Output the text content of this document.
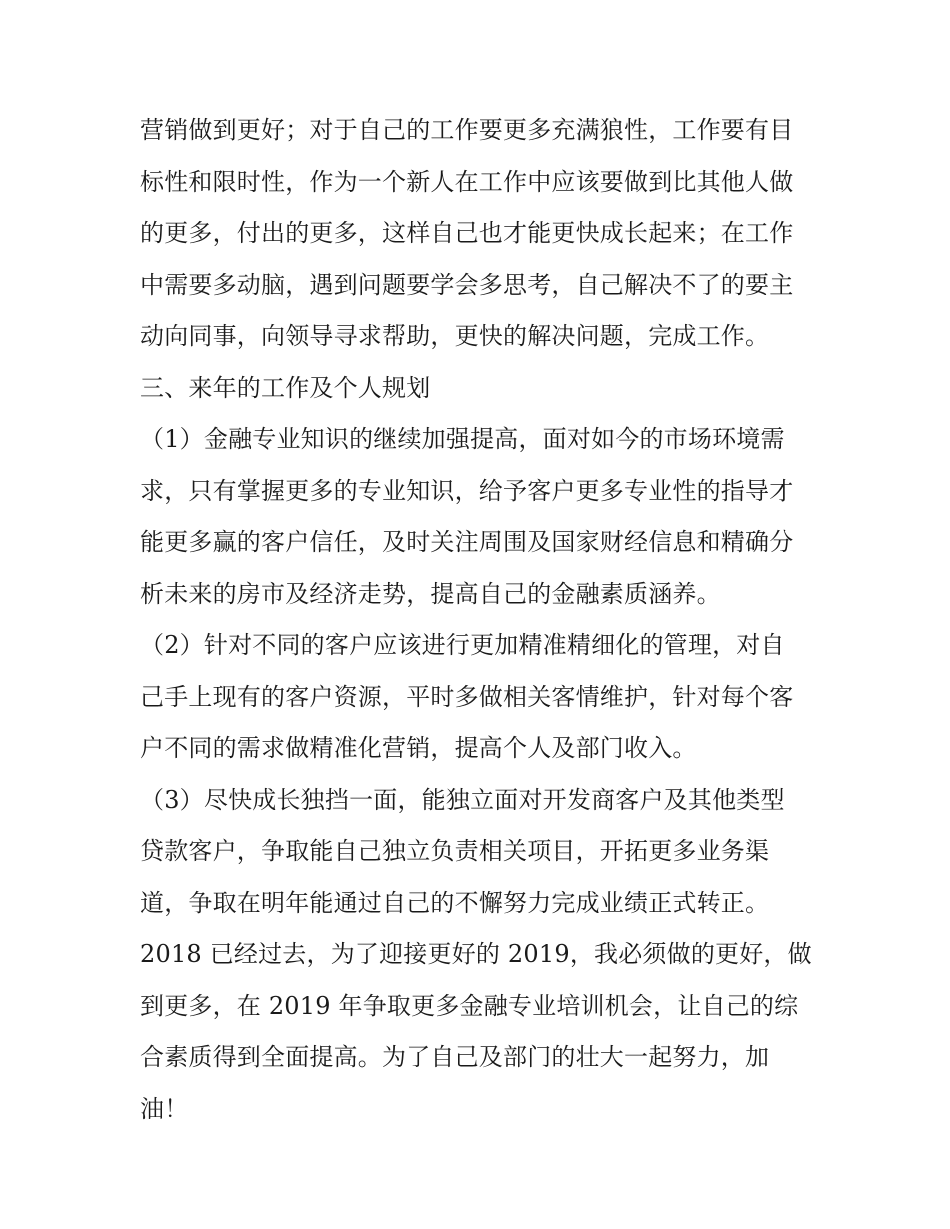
营销做到更好；对于自己的工作要更多充满狼性，工作要有目
标性和限时性，作为一个新人在工作中应该要做到比其他人做
的更多，付出的更多，这样自己也才能更快成长起来；在工作
中需要多动脑，遇到问题要学会多思考，自己解决不了的要主
动向同事，向领导寻求帮助，更快的解决问题，完成工作。
三、来年的工作及个人规划
（1）金融专业知识的继续加强提高，面对如今的市场环境需
求，只有掌握更多的专业知识，给予客户更多专业性的指导才
能更多赢的客户信任，及时关注周围及国家财经信息和精确分
析未来的房市及经济走势，提高自己的金融素质涵养。
（2）针对不同的客户应该进行更加精准精细化的管理，对自
己手上现有的客户资源，平时多做相关客情维护，针对每个客
户不同的需求做精准化营销，提高个人及部门收入。
（3）尽快成长独挡一面，能独立面对开发商客户及其他类型
贷款客户，争取能自己独立负责相关项目，开拓更多业务渠
道，争取在明年能通过自己的不懈努力完成业绩正式转正。
2018 已经过去，为了迎接更好的 2019，我必须做的更好，做
到更多，在 2019 年争取更多金融专业培训机会，让自己的综
合素质得到全面提高。为了自己及部门的壮大一起努力，加
油！
